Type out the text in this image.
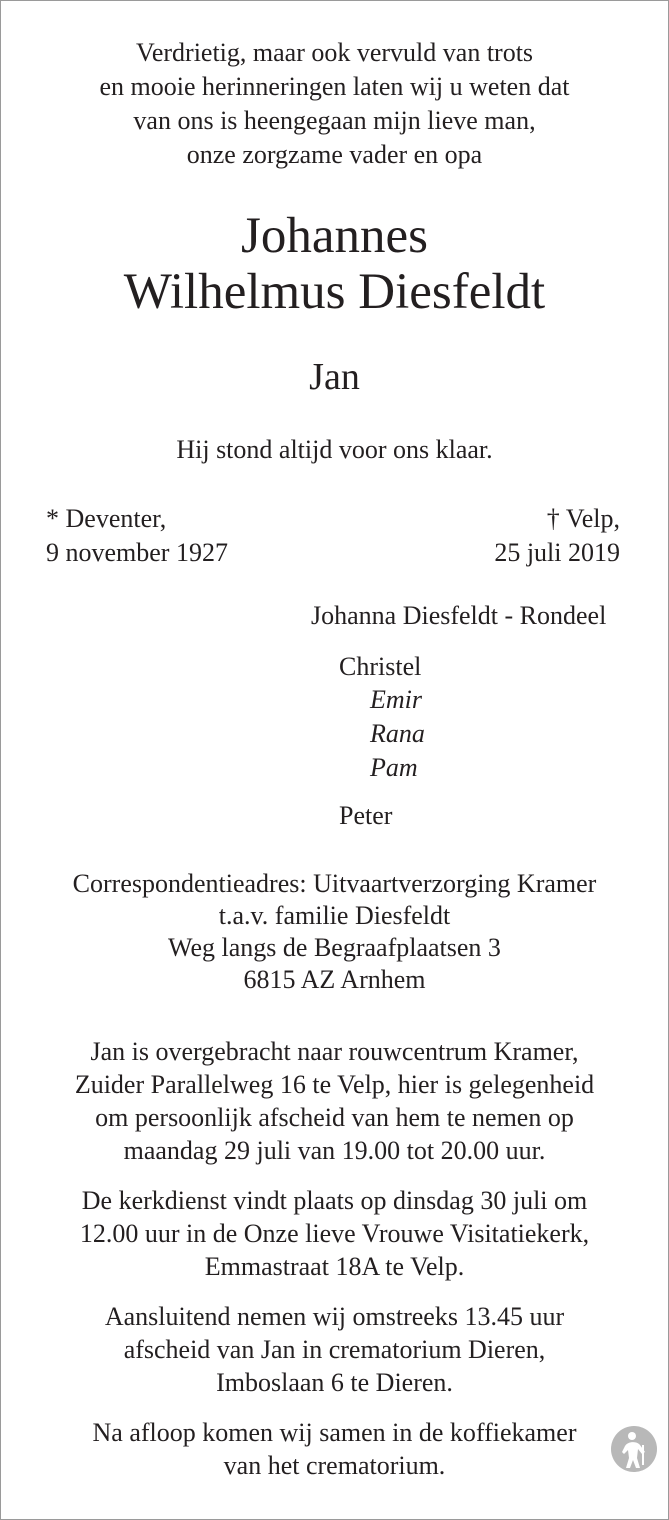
Verdrietig, maar ook vervuld van trots
en mooie herinneringen laten wij u weten dat
van ons is heengegaan mijn lieve man,
onze zorgzame vader en opa
Johannes
Wilhelmus Diesfeldt
Jan
Hij stond altijd voor ons klaar.
* Deventer,
9 november 1927
† Velp,
25 juli 2019
Johanna Diesfeldt - Rondeel
Christel
Emir
Rana
Pam
Peter
Correspondentieadres: Uitvaartverzorging Kramer
t.a.v. familie Diesfeldt
Weg langs de Begraafplaatsen 3
6815 AZ Arnhem
Jan is overgebracht naar rouwcentrum Kramer,
Zuider Parallelweg 16 te Velp, hier is gelegenheid
om persoonlijk afscheid van hem te nemen op
maandag 29 juli van 19.00 tot 20.00 uur.
De kerkdienst vindt plaats op dinsdag 30 juli om
12.00 uur in de Onze lieve Vrouwe Visitatiekerk,
Emmastraat 18A te Velp.
Aansluitend nemen wij omstreeks 13.45 uur
afscheid van Jan in crematorium Dieren,
Imboslaan 6 te Dieren.
Na afloop komen wij samen in de koffiekamer
van het crematorium.
